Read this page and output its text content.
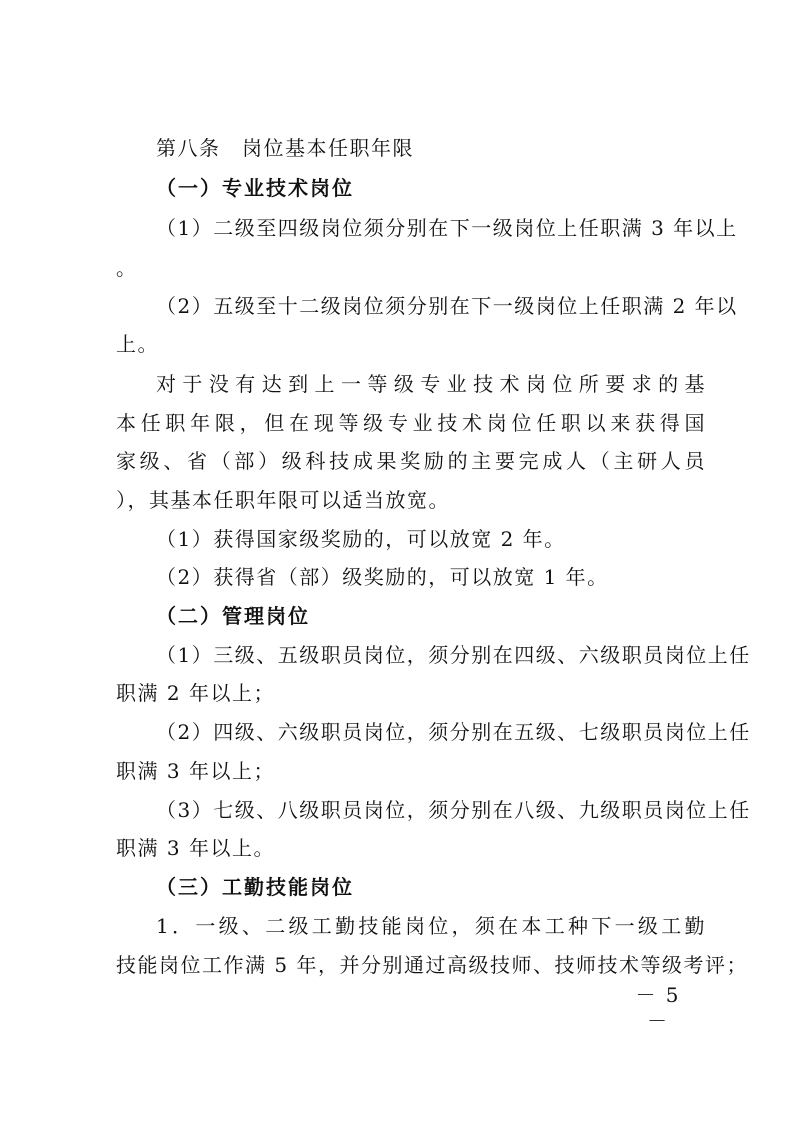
第八条　岗位基本任职年限
（一）专业技术岗位
（1）二级至四级岗位须分别在下一级岗位上任职满 3 年以上
。
（2）五级至十二级岗位须分别在下一级岗位上任职满 2 年以
上。
对于没有达到上一等级专业技术岗位所要求的基
本任职年限，但在现等级专业技术岗位任职以来获得国
家级、省（部）级科技成果奖励的主要完成人（主研人员
），其基本任职年限可以适当放宽。
（1）获得国家级奖励的，可以放宽 2 年。
（2）获得省（部）级奖励的，可以放宽 1 年。
（二）管理岗位
（1）三级、五级职员岗位，须分别在四级、六级职员岗位上任
职满 2 年以上；
（2）四级、六级职员岗位，须分别在五级、七级职员岗位上任
职满 3 年以上；
（3）七级、八级职员岗位，须分别在八级、九级职员岗位上任
职满 3 年以上。
（三）工勤技能岗位
1．一级、二级工勤技能岗位，须在本工种下一级工勤
技能岗位工作满 5 年，并分别通过高级技师、技师技术等级考评；
－ 5 －
